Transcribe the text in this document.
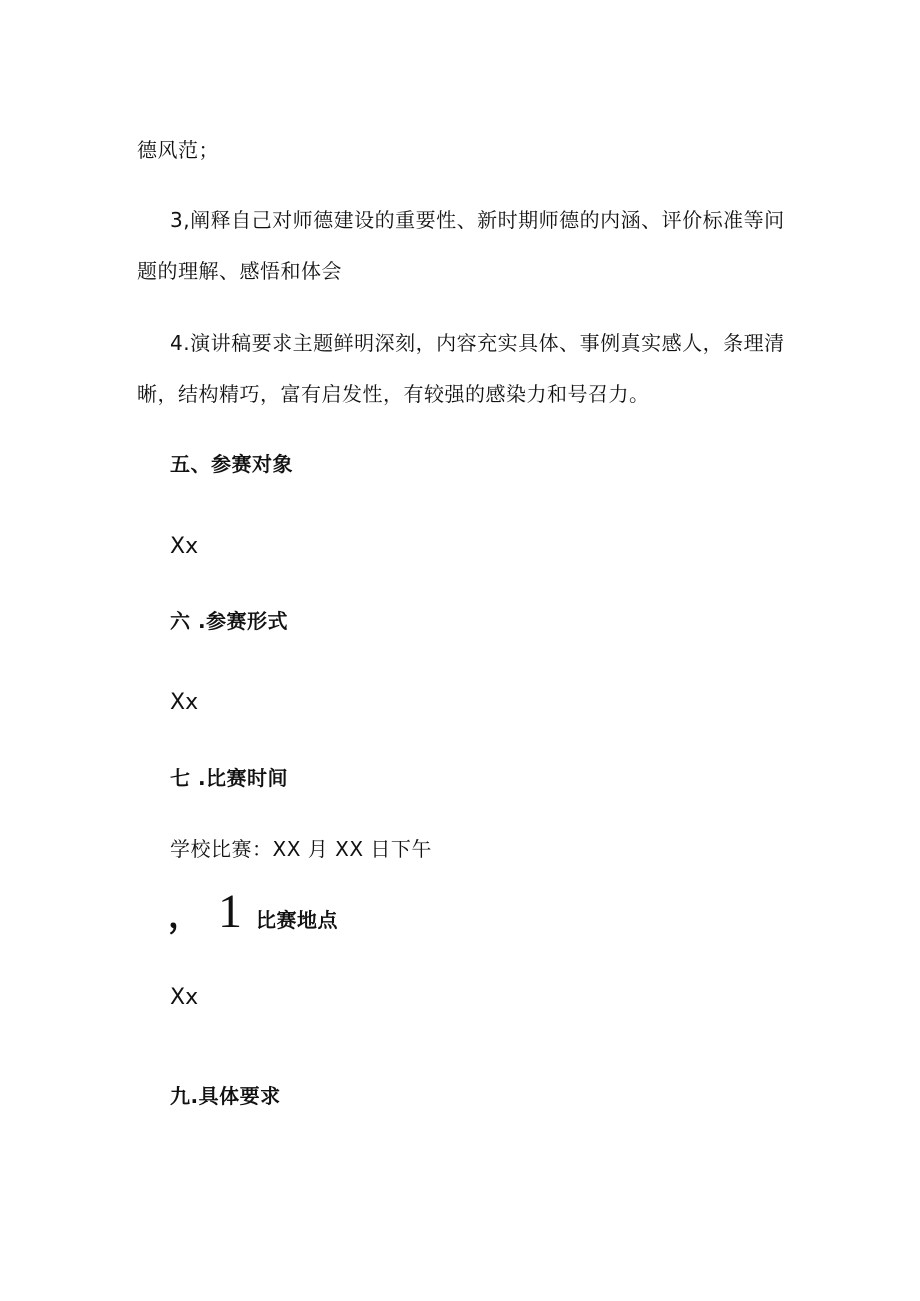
德风范；
3,阐释自己对师德建设的重要性、新时期师德的内涵、评价标准等问
题的理解、感悟和体会
4.演讲稿要求主题鲜明深刻，内容充实具体、事例真实感人，条理清
晰，结构精巧，富有启发性，有较强的感染力和号召力。
五、参赛对象
Xx
六 .参赛形式
Xx
七 .比赛时间
学校比赛：XX 月 XX 日下午
， 1 比赛地点
Xx
九.具体要求
